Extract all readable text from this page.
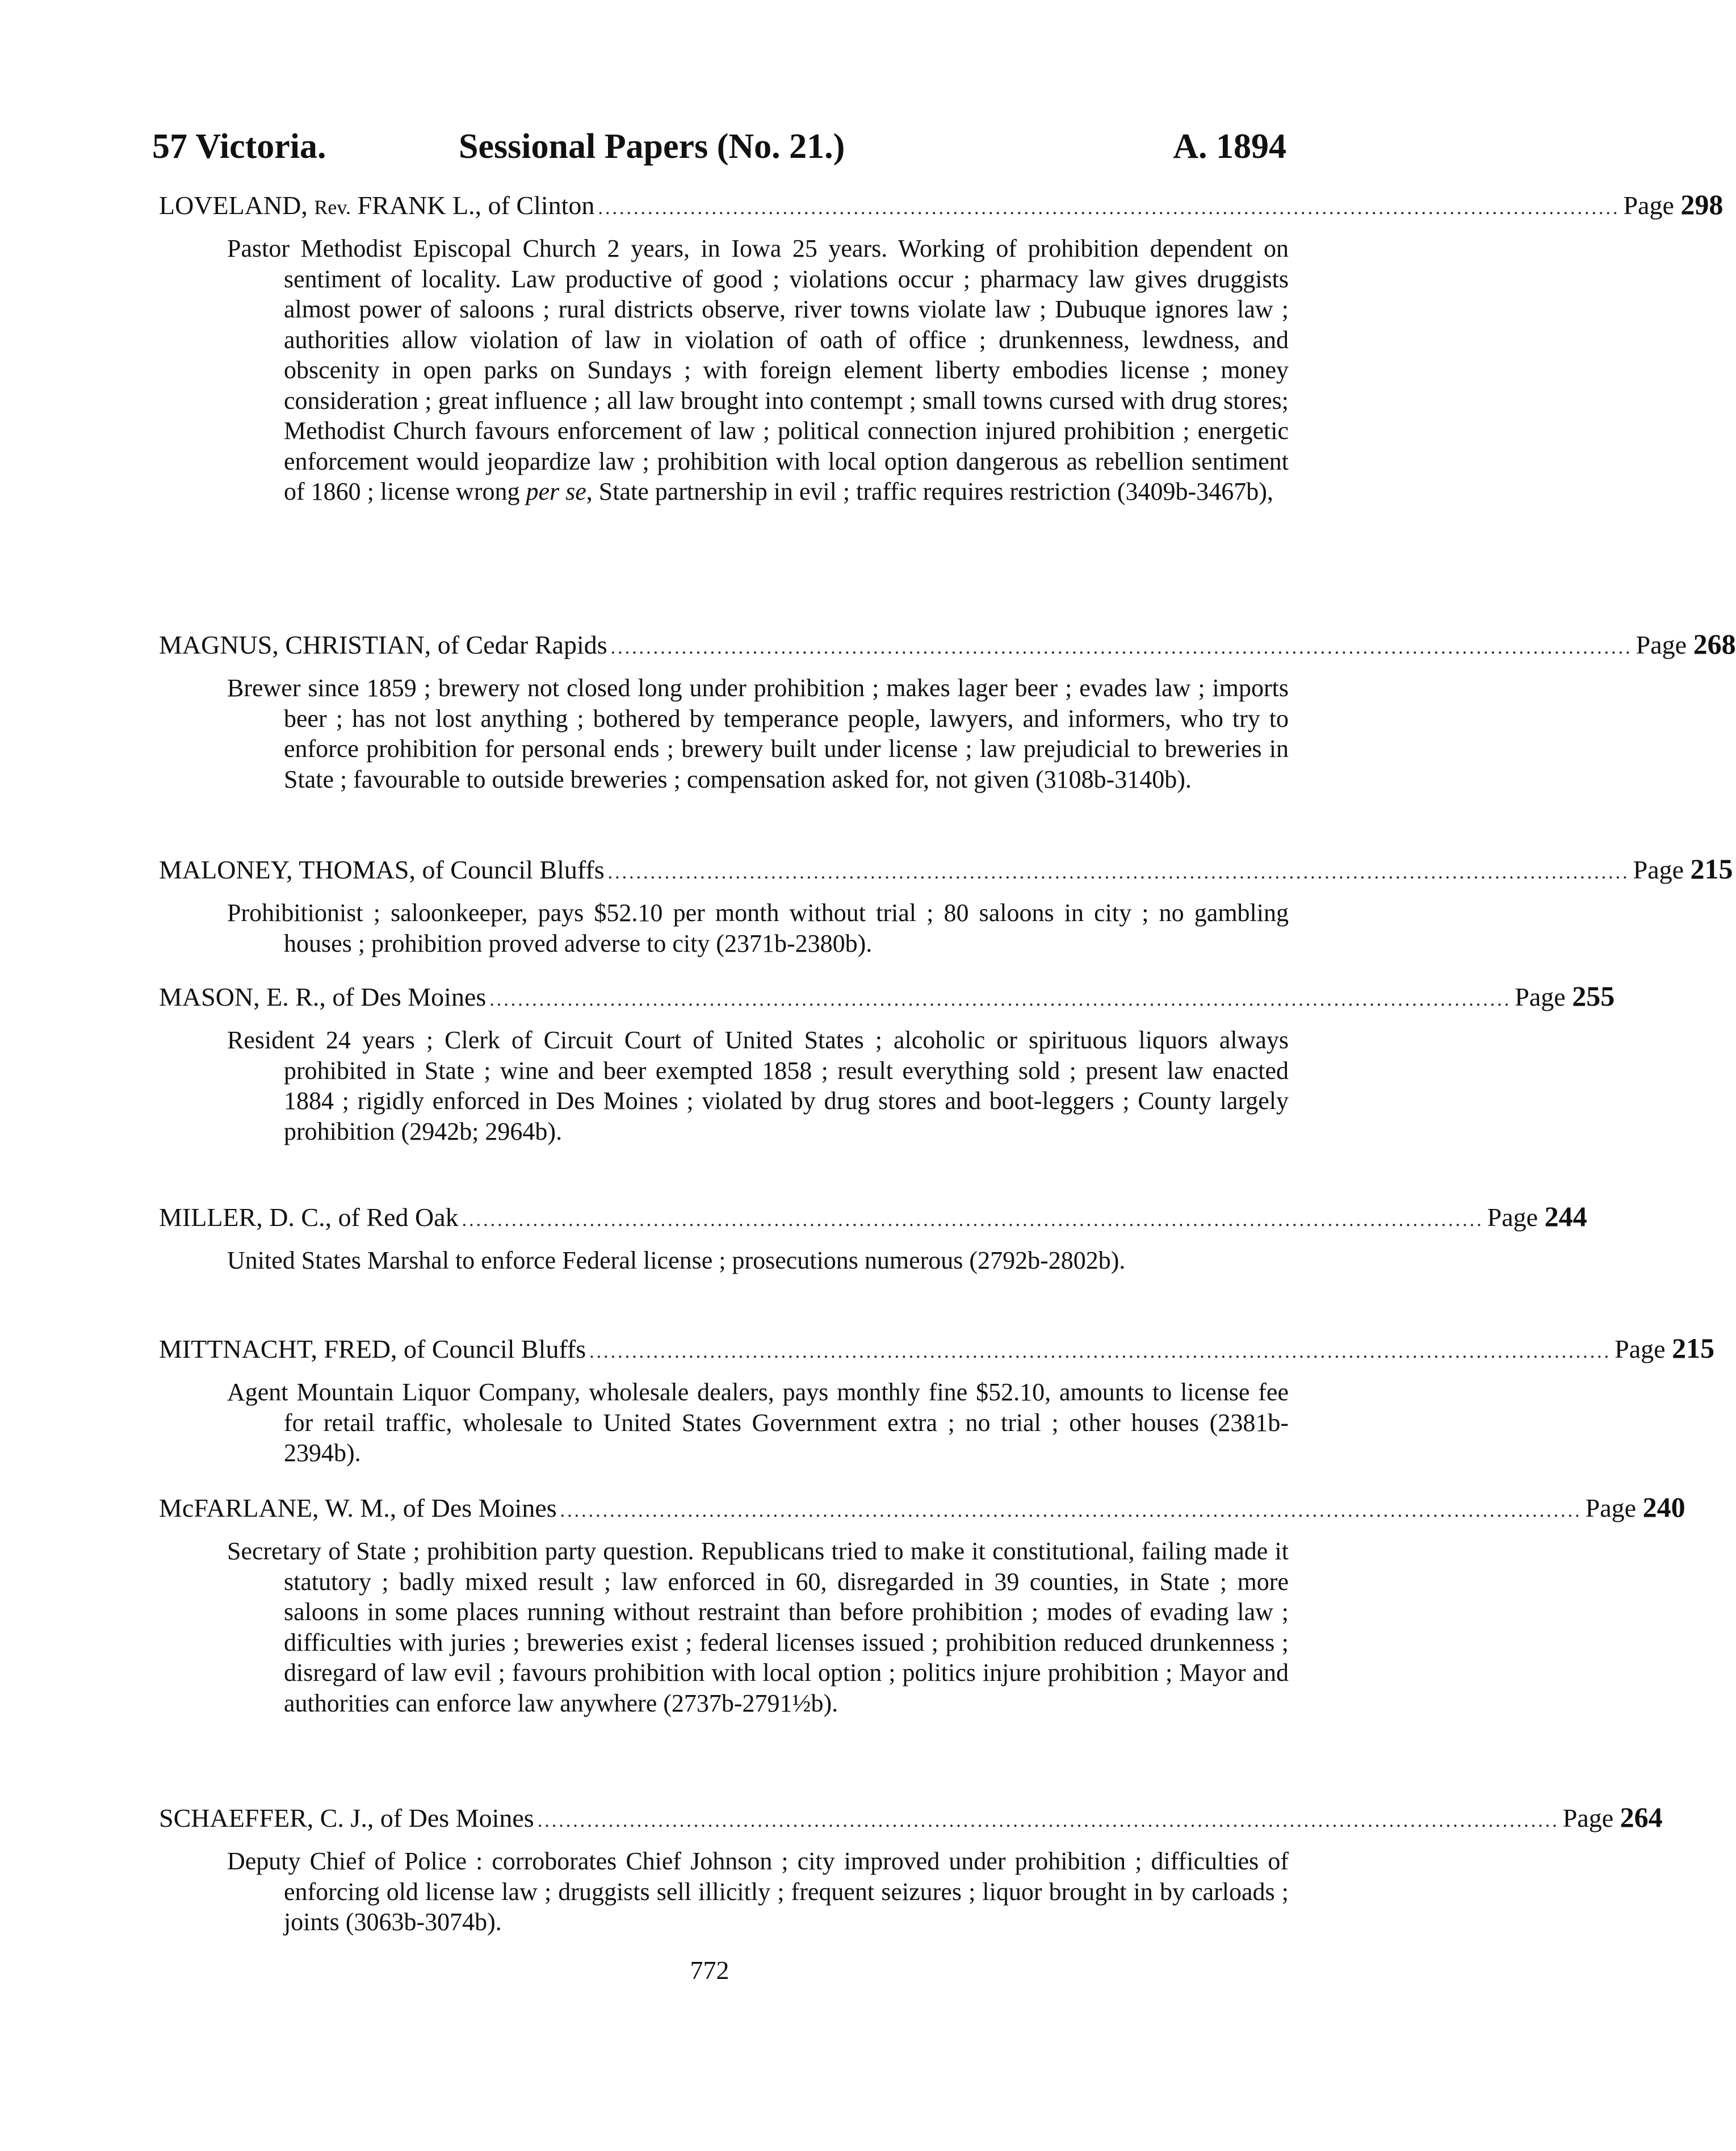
57 Victoria.	Sessional Papers (No. 21.)	A. 1894
LOVELAND, Rev. FRANK L., of Clinton ................................................................................................................................................ Page 298
Pastor Methodist Episcopal Church 2 years, in Iowa 25 years. Working of prohibition dependent on sentiment of locality. Law productive of good ; violations occur ; pharmacy law gives druggists almost power of saloons ; rural districts observe, river towns violate law ; Dubuque ignores law ; authorities allow violation of law in violation of oath of office ; drunkenness, lewdness, and obscenity in open parks on Sundays ; with foreign element liberty embodies license ; money consideration ; great influence ; all law brought into contempt ; small towns cursed with drug stores; Methodist Church favours enforcement of law ; political connection injured prohibition ; energetic enforcement would jeopardize law ; prohibition with local option dangerous as rebellion sentiment of 1860 ; license wrong per se, State partnership in evil ; traffic requires restriction (3409b-3467b),
MAGNUS, CHRISTIAN, of Cedar Rapids ................................................................................................................................................ Page 268
Brewer since 1859 ; brewery not closed long under prohibition ; makes lager beer ; evades law ; imports beer ; has not lost anything ; bothered by temperance people, lawyers, and informers, who try to enforce prohibition for personal ends ; brewery built under license ; law prejudicial to breweries in State ; favourable to outside breweries ; compensation asked for, not given (3108b-3140b).
MALONEY, THOMAS, of Council Bluffs ................................................................................................................................................ Page 215
Prohibitionist ; saloonkeeper, pays $52.10 per month without trial ; 80 saloons in city ; no gambling houses ; prohibition proved adverse to city (2371b-2380b).
MASON, E. R., of Des Moines ................................................................................................................................................ Page 255
Resident 24 years ; Clerk of Circuit Court of United States ; alcoholic or spirituous liquors always prohibited in State ; wine and beer exempted 1858 ; result everything sold ; present law enacted 1884 ; rigidly enforced in Des Moines ; violated by drug stores and boot-leggers ; County largely prohibition (2942b; 2964b).
MILLER, D. C., of Red Oak ................................................................................................................................................ Page 244
United States Marshal to enforce Federal license ; prosecutions numerous (2792b-2802b).
MITTNACHT, FRED, of Council Bluffs ................................................................................................................................................ Page 215
Agent Mountain Liquor Company, wholesale dealers, pays monthly fine $52.10, amounts to license fee for retail traffic, wholesale to United States Government extra ; no trial ; other houses (2381b-2394b).
McFARLANE, W. M., of Des Moines ................................................................................................................................................ Page 240
Secretary of State ; prohibition party question. Republicans tried to make it constitutional, failing made it statutory ; badly mixed result ; law enforced in 60, disregarded in 39 counties, in State ; more saloons in some places running without restraint than before prohibition ; modes of evading law ; difficulties with juries ; breweries exist ; federal licenses issued ; prohibition reduced drunkenness ; disregard of law evil ; favours prohibition with local option ; politics injure prohibition ; Mayor and authorities can enforce law anywhere (2737b-2791½b).
SCHAEFFER, C. J., of Des Moines ................................................................................................................................................ Page 264
Deputy Chief of Police : corroborates Chief Johnson ; city improved under prohibition ; difficulties of enforcing old license law ; druggists sell illicitly ; frequent seizures ; liquor brought in by carloads ; joints (3063b-3074b).
772
